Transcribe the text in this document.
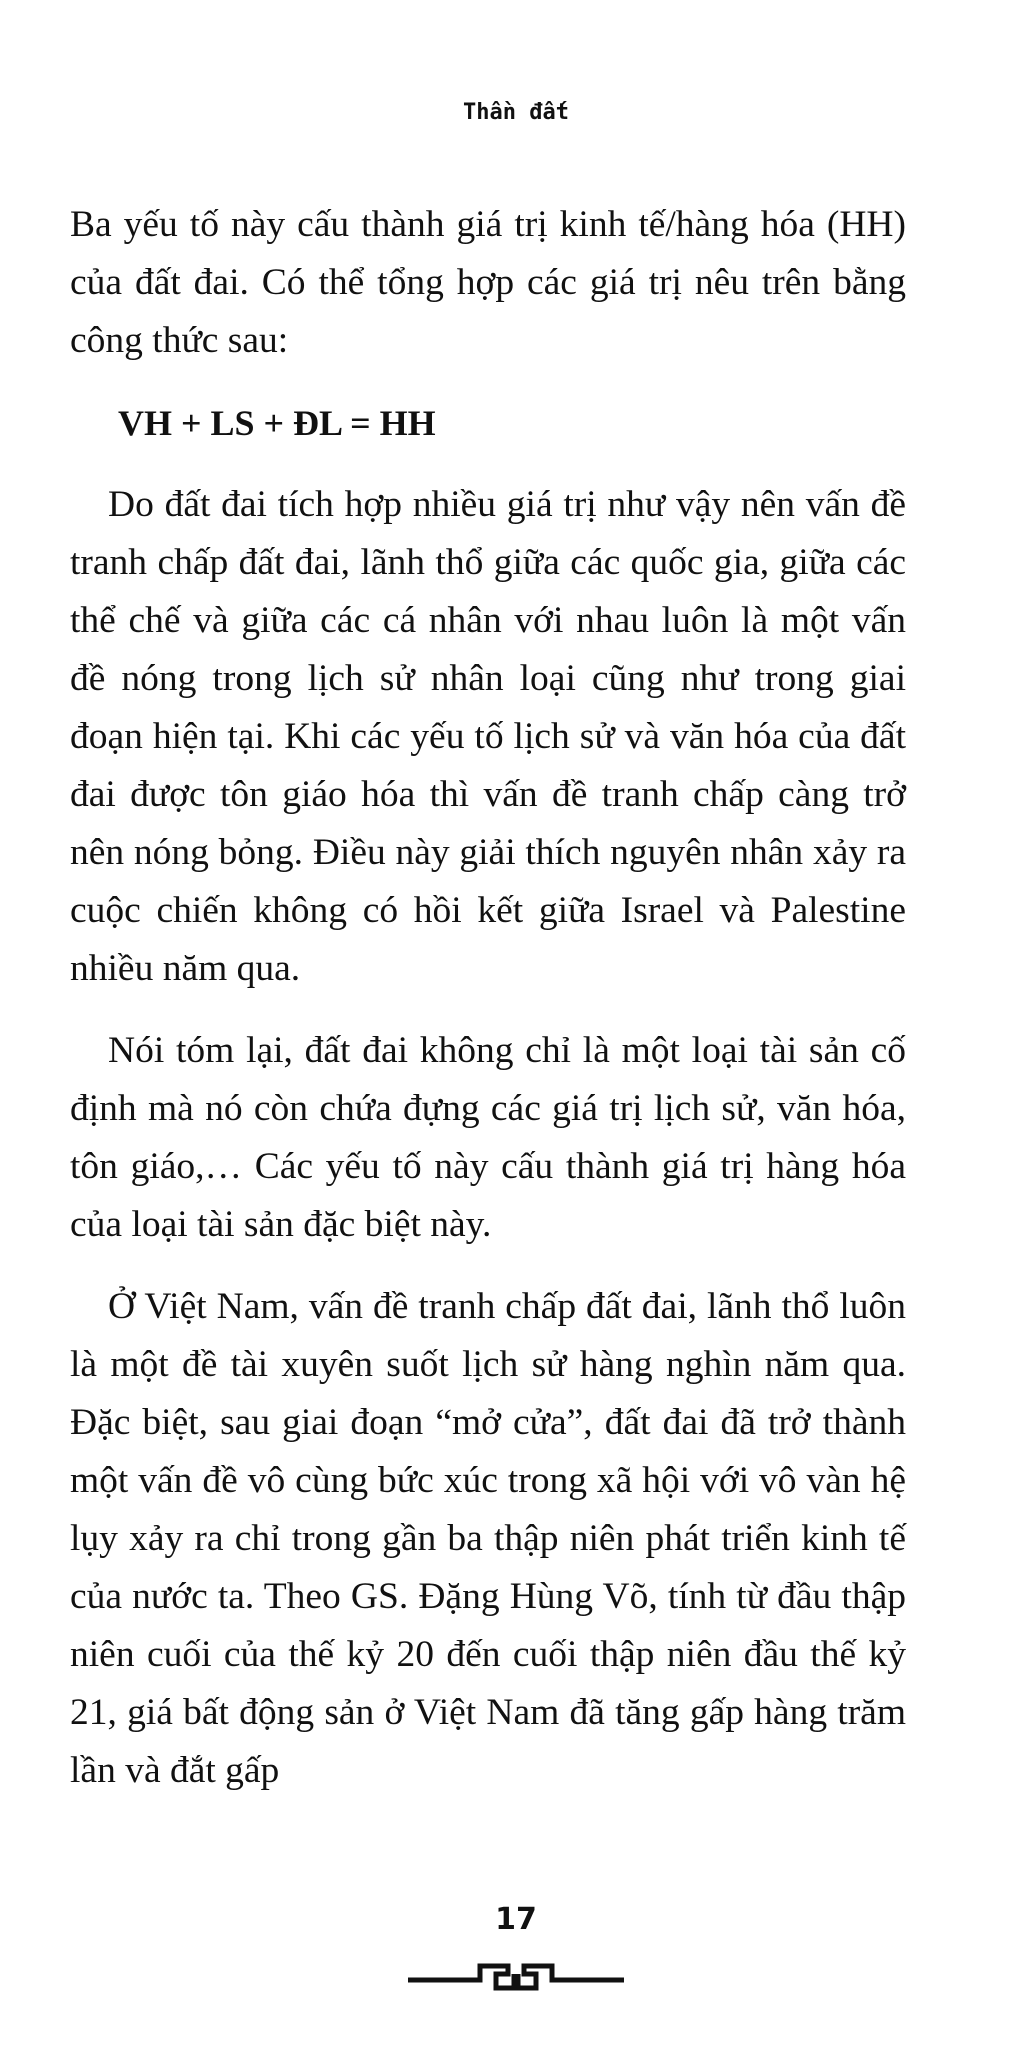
Thần đất

Ba yếu tố này cấu thành giá trị kinh tế/hàng hóa (HH) của đất đai. Có thể tổng hợp các giá trị nêu trên bằng công thức sau:

VH + LS + ĐL = HH

Do đất đai tích hợp nhiều giá trị như vậy nên vấn đề tranh chấp đất đai, lãnh thổ giữa các quốc gia, giữa các thể chế và giữa các cá nhân với nhau luôn là một vấn đề nóng trong lịch sử nhân loại cũng như trong giai đoạn hiện tại. Khi các yếu tố lịch sử và văn hóa của đất đai được tôn giáo hóa thì vấn đề tranh chấp càng trở nên nóng bỏng. Điều này giải thích nguyên nhân xảy ra cuộc chiến không có hồi kết giữa Israel và Palestine nhiều năm qua.

Nói tóm lại, đất đai không chỉ là một loại tài sản cố định mà nó còn chứa đựng các giá trị lịch sử, văn hóa, tôn giáo,… Các yếu tố này cấu thành giá trị hàng hóa của loại tài sản đặc biệt này.

Ở Việt Nam, vấn đề tranh chấp đất đai, lãnh thổ luôn là một đề tài xuyên suốt lịch sử hàng nghìn năm qua. Đặc biệt, sau giai đoạn “mở cửa”, đất đai đã trở thành một vấn đề vô cùng bức xúc trong xã hội với vô vàn hệ lụy xảy ra chỉ trong gần ba thập niên phát triển kinh tế của nước ta. Theo GS. Đặng Hùng Võ, tính từ đầu thập niên cuối của thế kỷ 20 đến cuối thập niên đầu thế kỷ 21, giá bất động sản ở Việt Nam đã tăng gấp hàng trăm lần và đắt gấp

17
